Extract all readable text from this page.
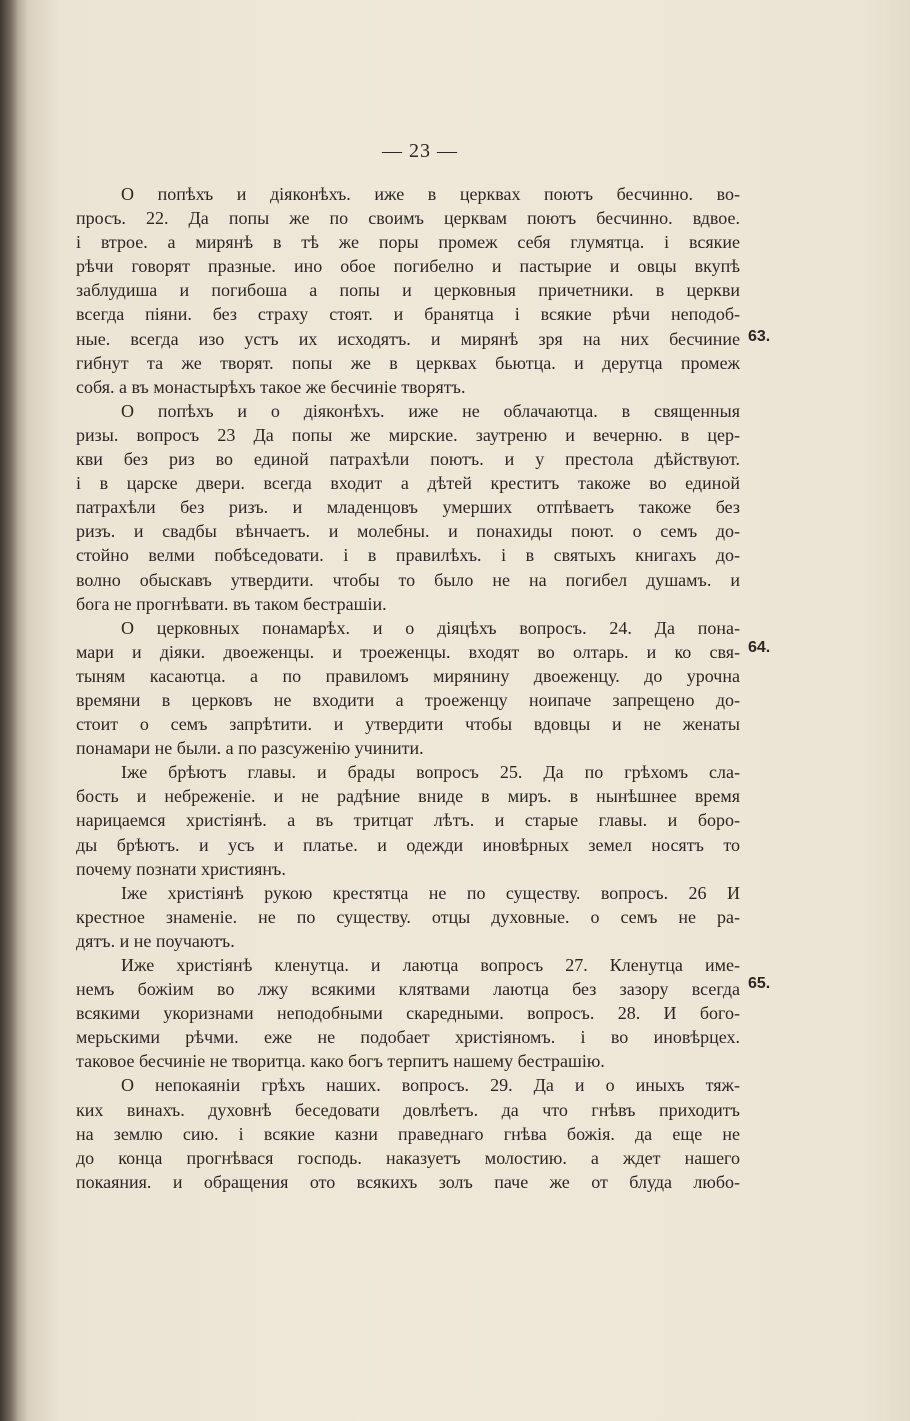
— 23 —
О попѣхъ и діяконѣхъ. иже в церквах поютъ бесчинно. во-
просъ. 22. Да попы же по своимъ церквам поютъ бесчинно. вдвое.
і втрое. а мирянѣ в тѣ же поры промеж себя глумятца. і всякие
рѣчи говорят празные. ино обое погибелно и пастырие и овцы вкупѣ
заблудиша и погибоша а попы и церковныя причетники. в церкви
всегда піяни. без страху стоят. и бранятца і всякие рѣчи неподоб-
ные. всегда изо устъ их исходятъ. и мирянѣ зря на них бесчиние
гибнут та же творят. попы же в церквах бьютца. и дерутца промеж
собя. а въ монастырѣхъ такое же бесчиніе творятъ.
О попѣхъ и о діяконѣхъ. иже не облачаютца. в священныя
ризы. вопросъ 23 Да попы же мирские. заутреню и вечерню. в цер-
кви без риз во единой патрахѣли поютъ. и у престола дѣйствуют.
і в царске двери. всегда входит а дѣтей креститъ такоже во единой
патрахѣли без ризъ. и младенцовъ умерших отпѣваетъ такоже без
ризъ. и свадбы вѣнчаетъ. и молебны. и понахиды поют. о семъ до-
стойно велми побѣседовати. і в правилѣхъ. і в святыхъ книгахъ до-
волно обыскавъ утвердити. чтобы то было не на погибел душамъ. и
бога не прогнѣвати. въ таком бестрашіи.
О церковных понамарѣх. и о діяцѣхъ вопросъ. 24. Да пона-
мари и діяки. двоеженцы. и троеженцы. входят во олтарь. и ко свя-
тыням касаютца. а по правиломъ мирянину двоеженцу. до урочна
времяни в церковъ не входити а троеженцу ноипаче запрещено до-
стоит о семъ запрѣтити. и утвердити чтобы вдовцы и не женаты
понамари не были. а по разсуженію учинити.
Іже брѣютъ главы. и брады вопросъ 25. Да по грѣхомъ сла-
бость и небреженіе. и не радѣние вниде в миръ. в нынѣшнее время
нарицаемся христіянѣ. а въ тритцат лѣтъ. и старые главы. и боро-
ды брѣютъ. и усъ и платье. и одежди иновѣрных земел носятъ то
почему познати християнъ.
Іже христіянѣ рукою крестятца не по существу. вопросъ. 26 И
крестное знаменіе. не по существу. отцы духовные. о семъ не ра-
дятъ. и не поучаютъ.
Иже христіянѣ кленутца. и лаютца вопросъ 27. Кленутца име-
немъ божіим во лжу всякими клятвами лаютца без зазору всегда
всякими укоризнами неподобными скаредными. вопросъ. 28. И бого-
мерьскими рѣчми. еже не подобает христіяномъ. і во иновѣрцех.
таковое бесчиніе не творитца. како богъ терпитъ нашему бестрашію.
О непокаяніи грѣхъ наших. вопросъ. 29. Да и о иныхъ тяж-
ких винахъ. духовнѣ беседовати довлѣетъ. да что гнѣвъ приходитъ
на землю сию. і всякие казни праведнаго гнѣва божія. да еще не
до конца прогнѣвася господь. наказуетъ молостию. а ждет нашего
покаяния. и обращения ото всякихъ золъ паче же от блуда любо-
63.
64.
65.
